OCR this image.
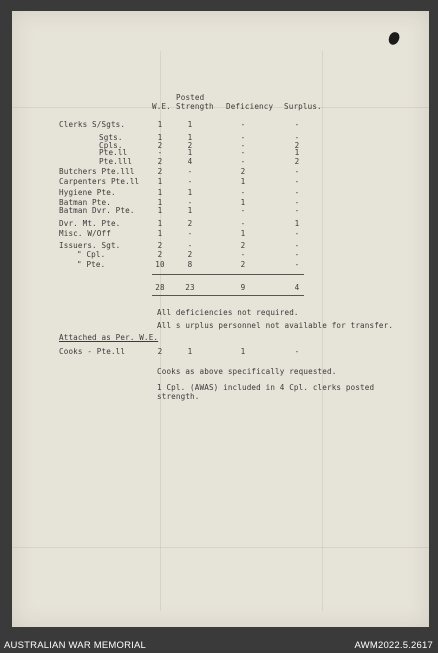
Posted
W.E. Strength Deficiency Surplus.
Clerks S/Sgts.	1	1	-	-
Sgts.	1	1	-	-
Cpls.	2	2	-	2
Pte.ll	-	1	-	1
Pte.lll	2	4	-	2
Butchers Pte.lll	2	-	2	-
Carpenters Pte.ll	1	-	1	-
Hygiene Pte.	1	1	-	-
Batman Pte.	1	-	1	-
Batman Dvr. Pte.	1	1	-	-
Dvr. Mt. Pte.	1	2	-	1
Misc. W/Off	1	-	1	-
Issuers. Sgt.	2	-	2	-
" Cpl.	2	2	-	-
" Pte.	10	8	2	-
28	23	9	4
All deficiencies not required.
All s urplus personnel not available for transfer.
Attached as Per. W.E.
Cooks - Pte.ll	2	1	1	-
Cooks as above specifically requested.
1 Cpl. (AWAS) included in 4 Cpl. clerks posted
strength.
AUSTRALIAN WAR MEMORIAL	AWM2022.5.2617
